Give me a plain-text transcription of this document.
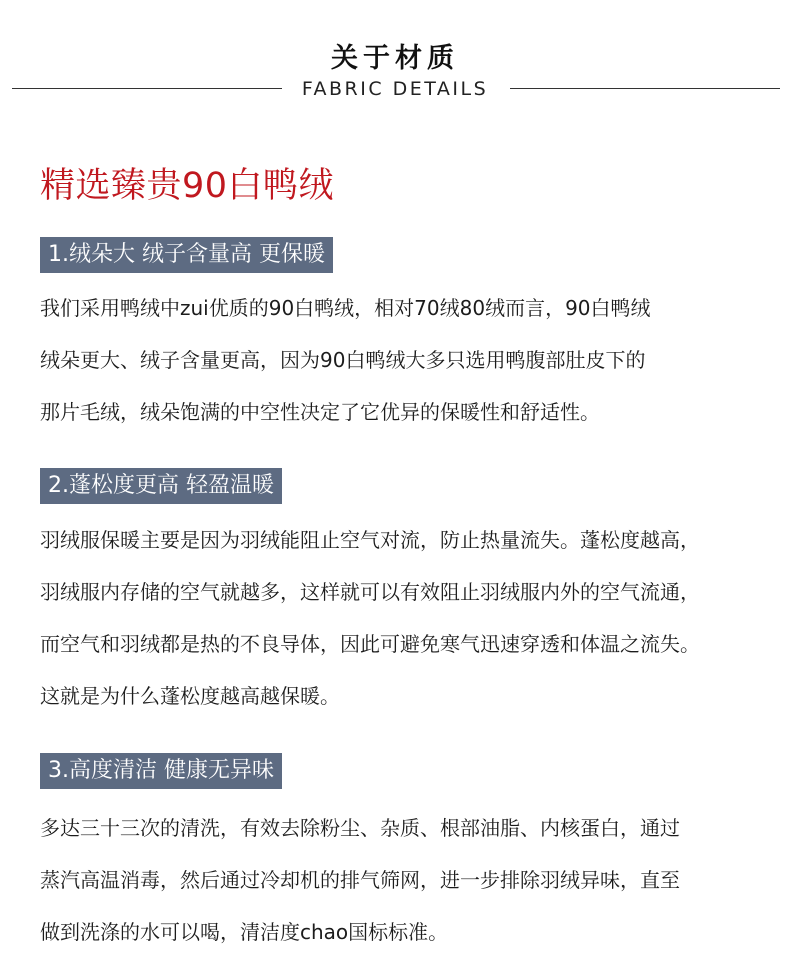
关于材质
FABRIC DETAILS
精选臻贵90白鸭绒
1.绒朵大 绒子含量高 更保暖
我们采用鸭绒中zui优质的90白鸭绒，相对70绒80绒而言，90白鸭绒
绒朵更大、绒子含量更高，因为90白鸭绒大多只选用鸭腹部肚皮下的
那片毛绒，绒朵饱满的中空性决定了它优异的保暖性和舒适性。
2.蓬松度更高 轻盈温暖
羽绒服保暖主要是因为羽绒能阻止空气对流，防止热量流失。蓬松度越高，
羽绒服内存储的空气就越多，这样就可以有效阻止羽绒服内外的空气流通，
而空气和羽绒都是热的不良导体，因此可避免寒气迅速穿透和体温之流失。
这就是为什么蓬松度越高越保暖。
3.高度清洁 健康无异味
多达三十三次的清洗，有效去除粉尘、杂质、根部油脂、内核蛋白，通过
蒸汽高温消毒，然后通过冷却机的排气筛网，进一步排除羽绒异味，直至
做到洗涤的水可以喝，清洁度chao国标标准。
